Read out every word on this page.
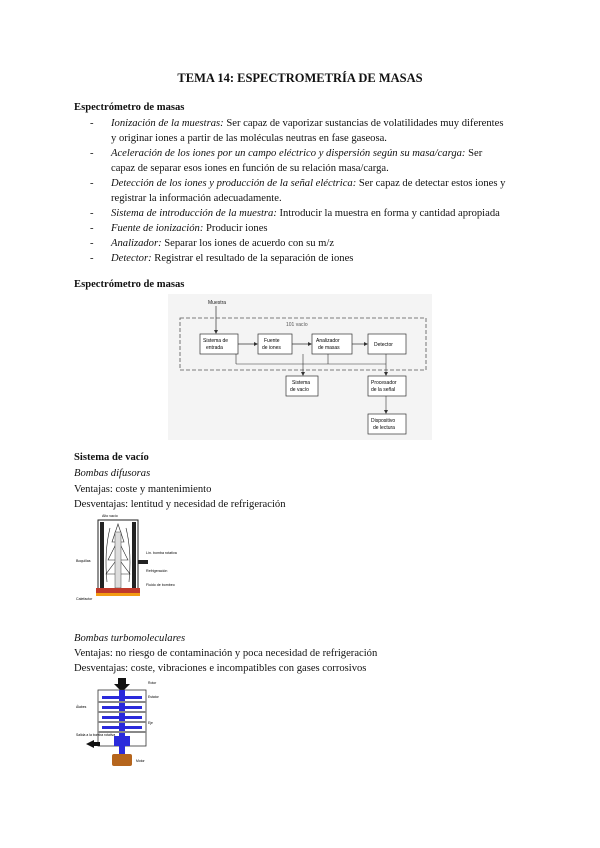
TEMA 14: ESPECTROMETRÍA DE MASAS
Espectrómetro de masas
- Ionización de la muestras: Ser capaz de vaporizar sustancias de volatilidades muy diferentes
y originar iones a partir de las moléculas neutras en fase gaseosa.
- Aceleración de los iones por un campo eléctrico y dispersión según su masa/carga: Ser
capaz de separar esos iones en función de su relación masa/carga.
- Detección de los iones y producción de la señal eléctrica: Ser capaz de detectar estos iones y
registrar la información adecuadamente.
- Sistema de introducción de la muestra: Introducir la muestra en forma y cantidad apropiada
- Fuente de ionización: Producir iones
- Analizador: Separar los iones de acuerdo con su m/z
- Detector: Registrar el resultado de la separación de iones
Espectrómetro de masas
101 vacío
Muestra
Sistema de
entrada
Fuente
de iones
Analizador
de masas	Detector
Sistema
de vacío
Procesador
de la señal
Dispositivo
de lectura
Sistema de vacío
Bombas difusoras
Ventajas: coste y mantenimiento
Desventajas: lentitud y necesidad de refrigeración
Alto vacío
Boquillas
Lín. bomba rotativa
Refrigeración
Fluido de bombeo
Calefactor
Bombas turbomoleculares
Ventajas: no riesgo de contaminación y poca necesidad de refrigeración
Desventajas: coste, vibraciones e incompatibles con gases corrosivos
Rotor
Estator
Álabes
Eje
Salida a la bomba rotativa
Motor
